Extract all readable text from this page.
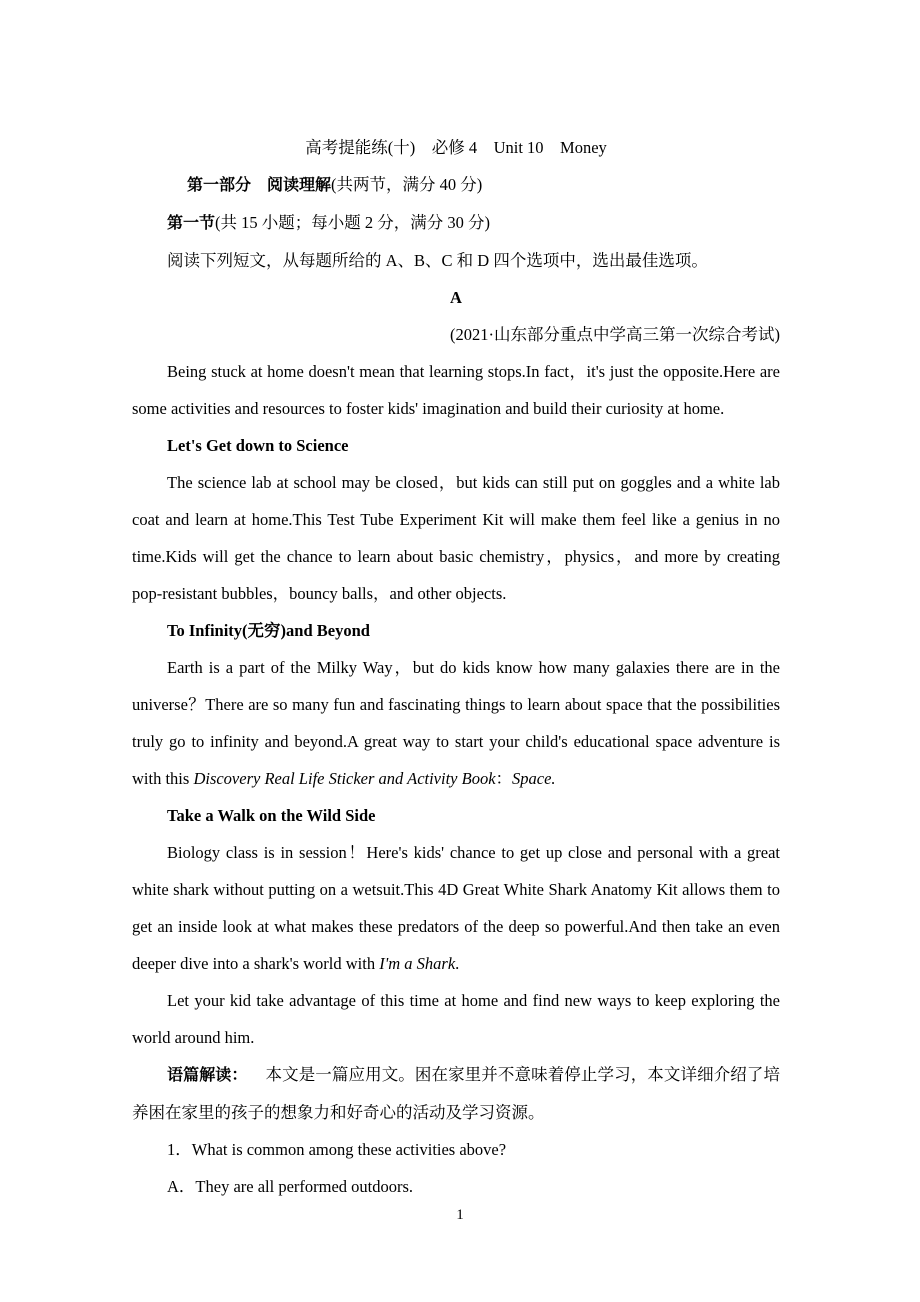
高考提能练(十)　必修 4　Unit 10　Money

第一部分　阅读理解(共两节，满分 40 分)

第一节(共 15 小题；每小题 2 分，满分 30 分)

阅读下列短文，从每题所给的 A、B、C 和 D 四个选项中，选出最佳选项。

A

(2021·山东部分重点中学高三第一次综合考试)

Being stuck at home doesn't mean that learning stops.In fact，it's just the opposite.Here are some activities and resources to foster kids' imagination and build their curiosity at home.

Let's Get down to Science

The science lab at school may be closed，but kids can still put on goggles and a white lab coat and learn at home.This Test Tube Experiment Kit will make them feel like a genius in no time.Kids will get the chance to learn about basic chemistry，physics，and more by creating pop-resistant bubbles，bouncy balls，and other objects.

To Infinity(无穷)and Beyond

Earth is a part of the Milky Way，but do kids know how many galaxies there are in the universe？There are so many fun and fascinating things to learn about space that the possibilities truly go to infinity and beyond.A great way to start your child's educational space adventure is with this Discovery Real Life Sticker and Activity Book：Space.

Take a Walk on the Wild Side

Biology class is in session！Here's kids' chance to get up close and personal with a great white shark without putting on a wetsuit.This 4D Great White Shark Anatomy Kit allows them to get an inside look at what makes these predators of the deep so powerful.And then take an even deeper dive into a shark's world with I'm a Shark.

Let your kid take advantage of this time at home and find new ways to keep exploring the world around him.

语篇解读： 本文是一篇应用文。困在家里并不意味着停止学习，本文详细介绍了培养困在家里的孩子的想象力和好奇心的活动及学习资源。

1．What is common among these activities above?

A．They are all performed outdoors.

1
